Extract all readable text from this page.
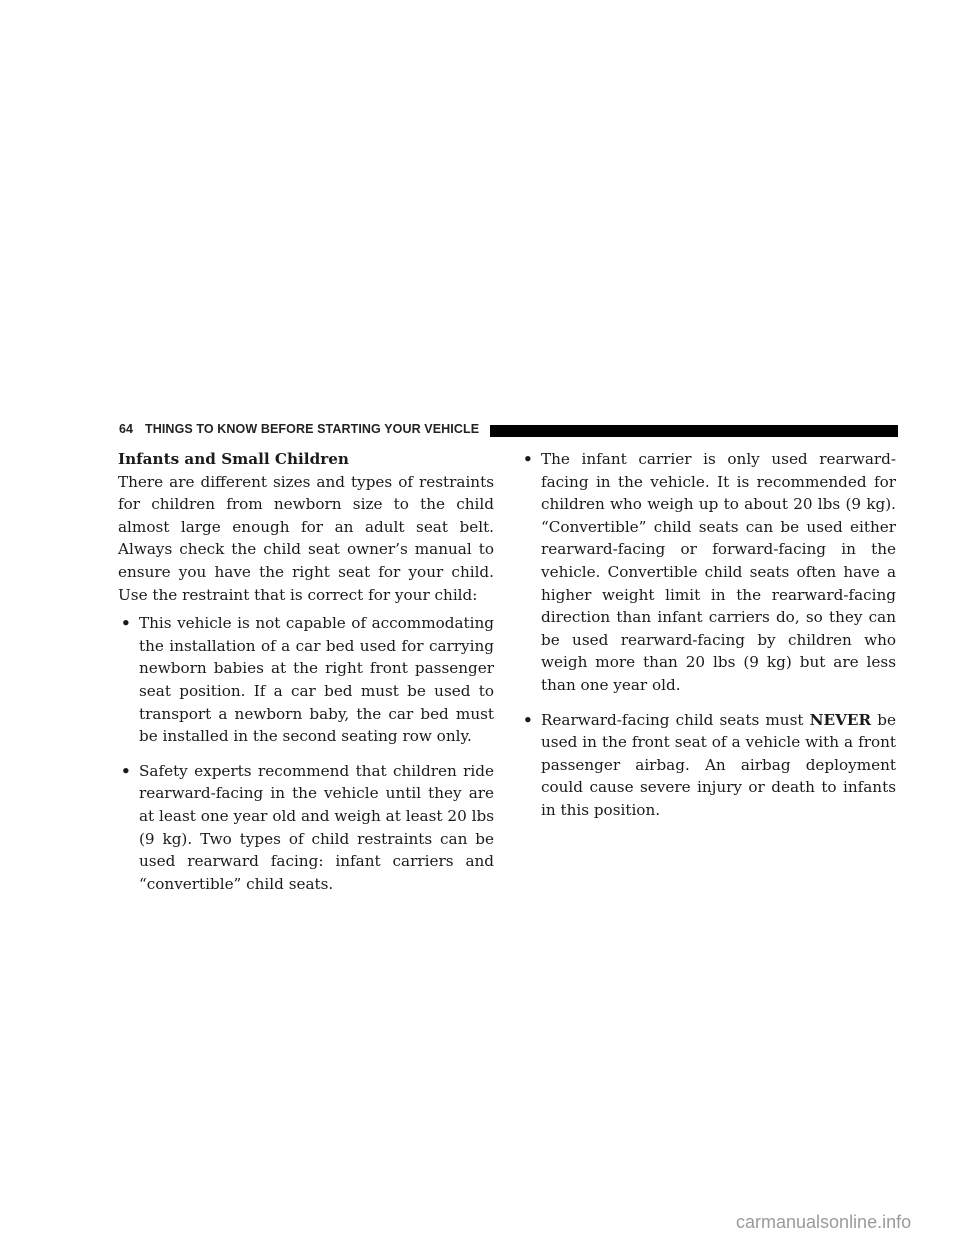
64 THINGS TO KNOW BEFORE STARTING YOUR VEHICLE

Infants and Small Children

There are different sizes and types of restraints for children from newborn size to the child almost large enough for an adult seat belt. Always check the child seat owner’s manual to ensure you have the right seat for your child. Use the restraint that is correct for your child:

• This vehicle is not capable of accommodating the installation of a car bed used for carrying newborn babies at the right front passenger seat position. If a car bed must be used to transport a newborn baby, the car bed must be installed in the second seating row only.
• Safety experts recommend that children ride rearward-facing in the vehicle until they are at least one year old and weigh at least 20 lbs (9 kg). Two types of child restraints can be used rearward facing: infant carriers and “convertible” child seats.
• The infant carrier is only used rearward-facing in the vehicle. It is recommended for children who weigh up to about 20 lbs (9 kg). “Convertible” child seats can be used either rearward-facing or forward-facing in the vehicle. Convertible child seats often have a higher weight limit in the rearward-facing direction than infant carriers do, so they can be used rearward-facing by children who weigh more than 20 lbs (9 kg) but are less than one year old.
• Rearward-facing child seats must NEVER be used in the front seat of a vehicle with a front passenger airbag. An airbag deployment could cause severe injury or death to infants in this position.
carmanualsonline.info
